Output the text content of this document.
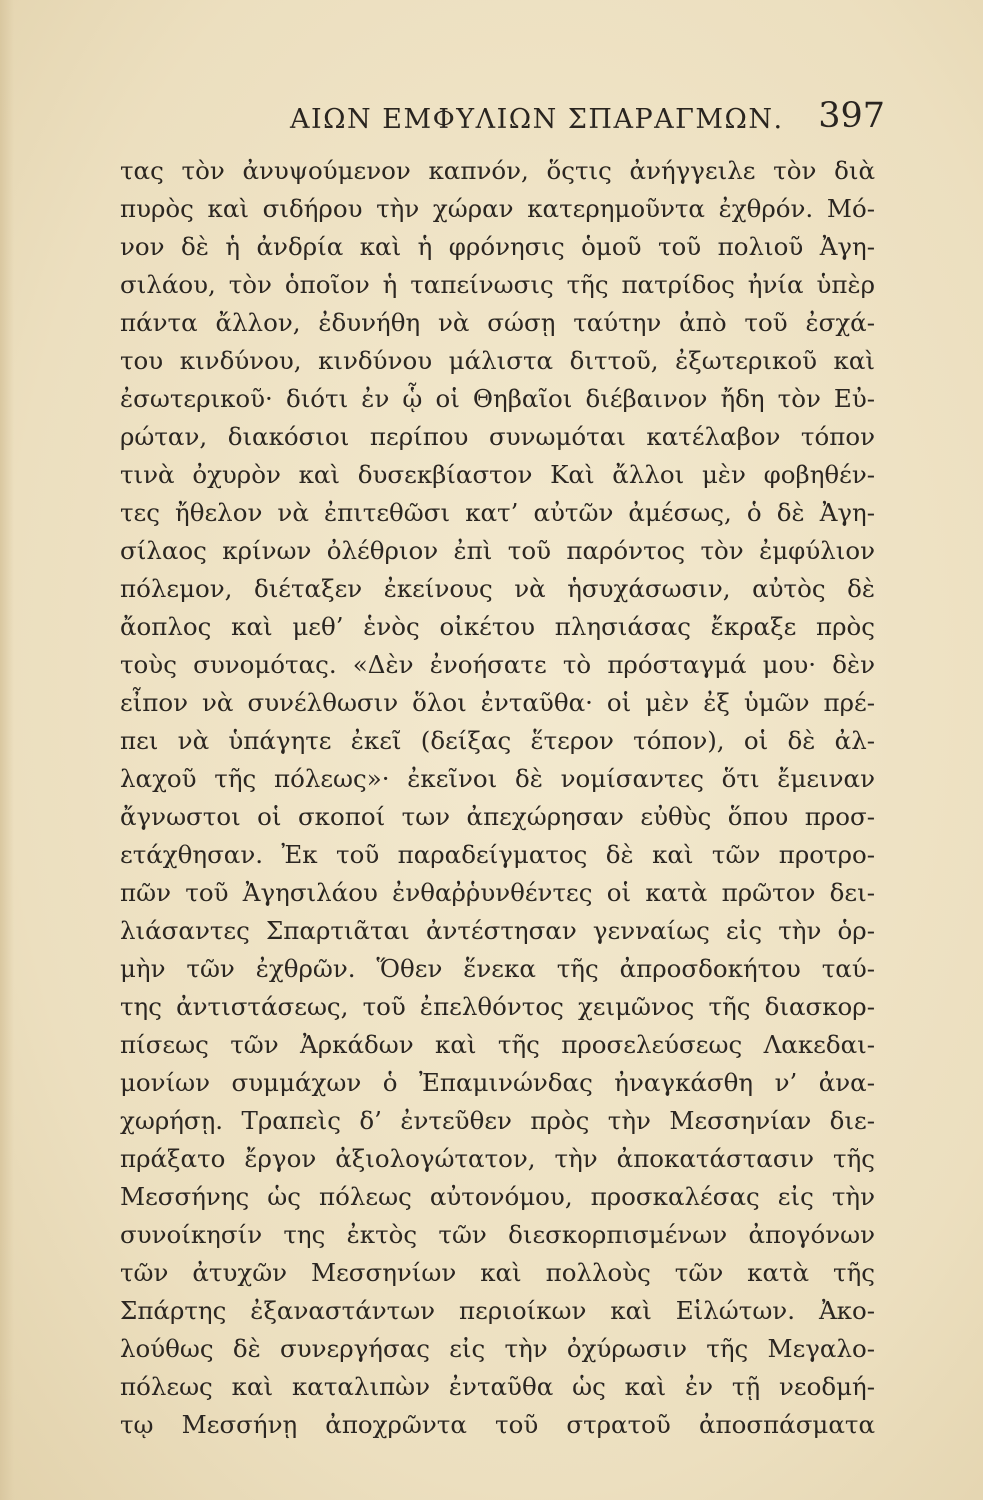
ΑΙΩΝ ΕΜΦΥΛΙΩΝ ΣΠΑΡΑΓΜΩΝ. 397
τας τὸν ἀνυψούμενον καπνόν, ὅςτις ἀνήγγειλε τὸν διὰ
πυρὸς καὶ σιδήρου τὴν χώραν κατερημοῦντα ἐχθρόν. Μό-
νον δὲ ἡ ἀνδρία καὶ ἡ φρόνησις ὁμοῦ τοῦ πολιοῦ Ἀγη-
σιλάου, τὸν ὁποῖον ἡ ταπείνωσις τῆς πατρίδος ἠνία ὑπὲρ
πάντα ἄλλον, ἐδυνήθη νὰ σώσῃ ταύτην ἀπὸ τοῦ ἐσχά-
του κινδύνου, κινδύνου μάλιστα διττοῦ, ἐξωτερικοῦ καὶ
ἐσωτερικοῦ· διότι ἐν ᾧ οἱ Θηβαῖοι διέβαινον ἤδη τὸν Εὐ-
ρώταν, διακόσιοι περίπου συνωμόται κατέλαβον τόπον
τινὰ ὀχυρὸν καὶ δυσεκβίαστον Καὶ ἄλλοι μὲν φοβηθέν-
τες ἤθελον νὰ ἐπιτεθῶσι κατ’ αὐτῶν ἀμέσως, ὁ δὲ Ἀγη-
σίλαος κρίνων ὀλέθριον ἐπὶ τοῦ παρόντος τὸν ἐμφύλιον
πόλεμον, διέταξεν ἐκείνους νὰ ἡσυχάσωσιν, αὐτὸς δὲ
ἄοπλος καὶ μεθ’ ἑνὸς οἰκέτου πλησιάσας ἔκραξε πρὸς
τοὺς συνομότας. «Δὲν ἐνοήσατε τὸ πρόσταγμά μου· δὲν
εἶπον νὰ συνέλθωσιν ὅλοι ἐνταῦθα· οἱ μὲν ἐξ ὑμῶν πρέ-
πει νὰ ὑπάγητε ἐκεῖ (δείξας ἕτερον τόπον), οἱ δὲ ἀλ-
λαχοῦ τῆς πόλεως»· ἐκεῖνοι δὲ νομίσαντες ὅτι ἔμειναν
ἄγνωστοι οἱ σκοποί των ἀπεχώρησαν εὐθὺς ὅπου προσ-
ετάχθησαν. Ἐκ τοῦ παραδείγματος δὲ καὶ τῶν προτρο-
πῶν τοῦ Ἀγησιλάου ἐνθαῤῥυνθέντες οἱ κατὰ πρῶτον δει-
λιάσαντες Σπαρτιᾶται ἀντέστησαν γενναίως εἰς τὴν ὁρ-
μὴν τῶν ἐχθρῶν. Ὅθεν ἕνεκα τῆς ἀπροσδοκήτου ταύ-
της ἀντιστάσεως, τοῦ ἐπελθόντος χειμῶνος τῆς διασκορ-
πίσεως τῶν Ἀρκάδων καὶ τῆς προσελεύσεως Λακεδαι-
μονίων συμμάχων ὁ Ἐπαμινώνδας ἠναγκάσθη ν’ ἀνα-
χωρήσῃ. Τραπεὶς δ’ ἐντεῦθεν πρὸς τὴν Μεσσηνίαν διε-
πράξατο ἔργον ἀξιολογώτατον, τὴν ἀποκατάστασιν τῆς
Μεσσήνης ὡς πόλεως αὐτονόμου, προσκαλέσας εἰς τὴν
συνοίκησίν της ἐκτὸς τῶν διεσκορπισμένων ἀπογόνων
τῶν ἀτυχῶν Μεσσηνίων καὶ πολλοὺς τῶν κατὰ τῆς
Σπάρτης ἐξαναστάντων περιοίκων καὶ Εἱλώτων. Ἀκο-
λούθως δὲ συνεργήσας εἰς τὴν ὀχύρωσιν τῆς Μεγαλο-
πόλεως καὶ καταλιπὼν ἐνταῦθα ὡς καὶ ἐν τῇ νεοδμή-
τῳ Μεσσήνῃ ἀποχρῶντα τοῦ στρατοῦ ἀποσπάσματα
